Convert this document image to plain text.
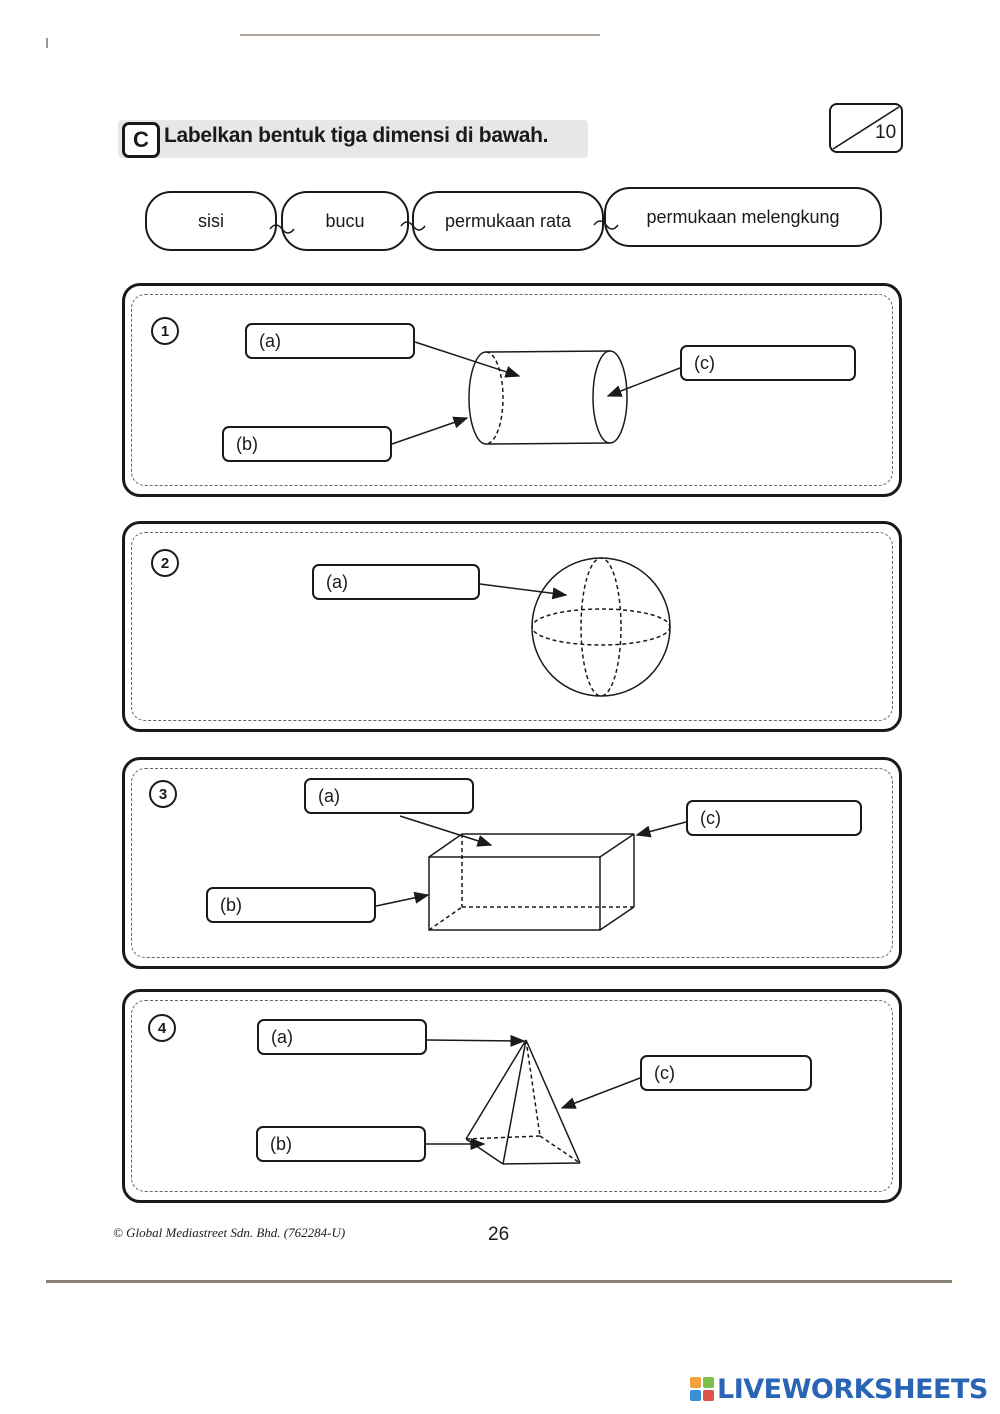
C Labelkan bentuk tiga dimensi di bawah.	10
sisi	bucu	permukaan rata	permukaan melengkung
1	(a)
(b)
(c)
2
(a)
3	(a)
(b)
(c)
4	(a)
(b)
(c)
© Global Mediastreet Sdn. Bhd. (762284-U)	26
LIVEWORKSHEETS
